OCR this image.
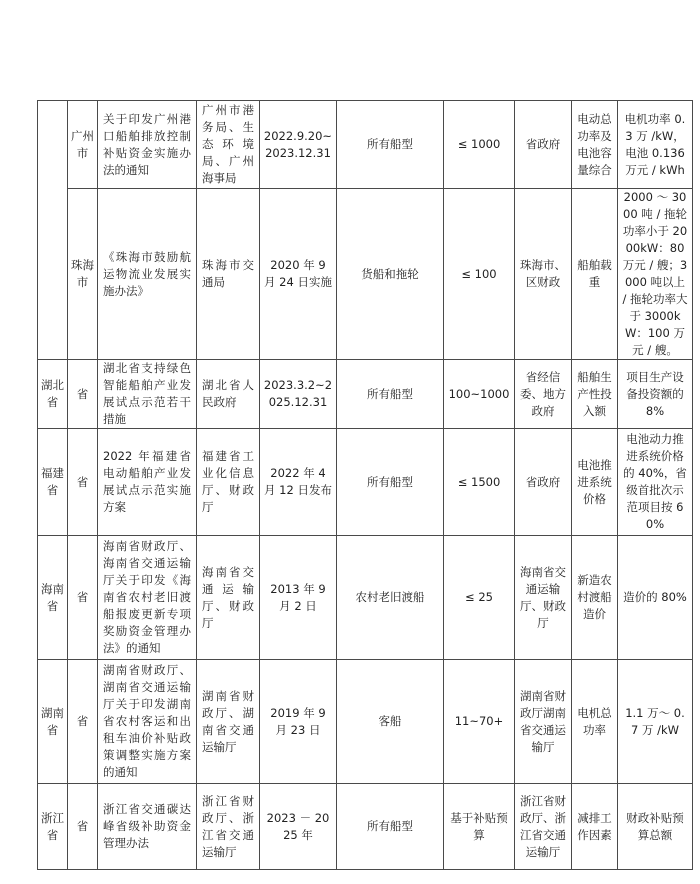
	广州市	关于印发广州港口船舶排放控制补贴资金实施办法的通知	广州市港务局、生态环境局、广州海事局	2022.9.20~2023.12.31	所有船型	≤ 1000	省政府	电动总功率及电池容量综合	电机功率 0.3 万 /kW，电池 0.136 万元 / kWh

	珠海市	《珠海市鼓励航运物流业发展实施办法》	珠海市交通局	2020 年 9 月 24 日实施	货船和拖轮	≤ 100	珠海市、区财政	船舶载重	2000 ～ 3000 吨 / 拖轮功率小于 2000kW：80 万元 / 艘；3000 吨以上 / 拖轮功率大于 3000kW：100 万元 / 艘。

湖北省	省	湖北省支持绿色智能船舶产业发展试点示范若干措施	湖北省人民政府	2023.3.2~2025.12.31	所有船型	100~1000	省经信委、地方政府	船舶生产性投入额	项目生产设备投资额的 8%

福建省	省	2022 年福建省电动船舶产业发展试点示范实施方案	福建省工业化信息厅、财政厅	2022 年 4 月 12 日发布	所有船型	≤ 1500	省政府	电池推进系统价格	电池动力推进系统价格的 40%，省级首批次示范项目按 60%

海南省	省	海南省财政厅、海南省交通运输厅关于印发《海南省农村老旧渡船报废更新专项奖励资金管理办法》的通知	海南省交通运输厅、财政厅	2013 年 9 月 2 日	农村老旧渡船	≤ 25	海南省交通运输厅、财政厅	新造农村渡船造价	造价的 80%

湖南省	省	湖南省财政厅、湖南省交通运输厅关于印发湖南省农村客运和出租车油价补贴政策调整实施方案的通知	湖南省财政厅、湖南省交通运输厅	2019 年 9 月 23 日	客船	11~70+	湖南省财政厅湖南省交通运输厅	电机总功率	1.1 万～ 0.7 万 /kW

浙江省	省	浙江省交通碳达峰省级补助资金管理办法	浙江省财政厅、浙江省交通运输厅	2023 － 2025 年	所有船型	基于补贴预算	浙江省财政厅、浙江省交通运输厅	减排工作因素	财政补贴预算总额
